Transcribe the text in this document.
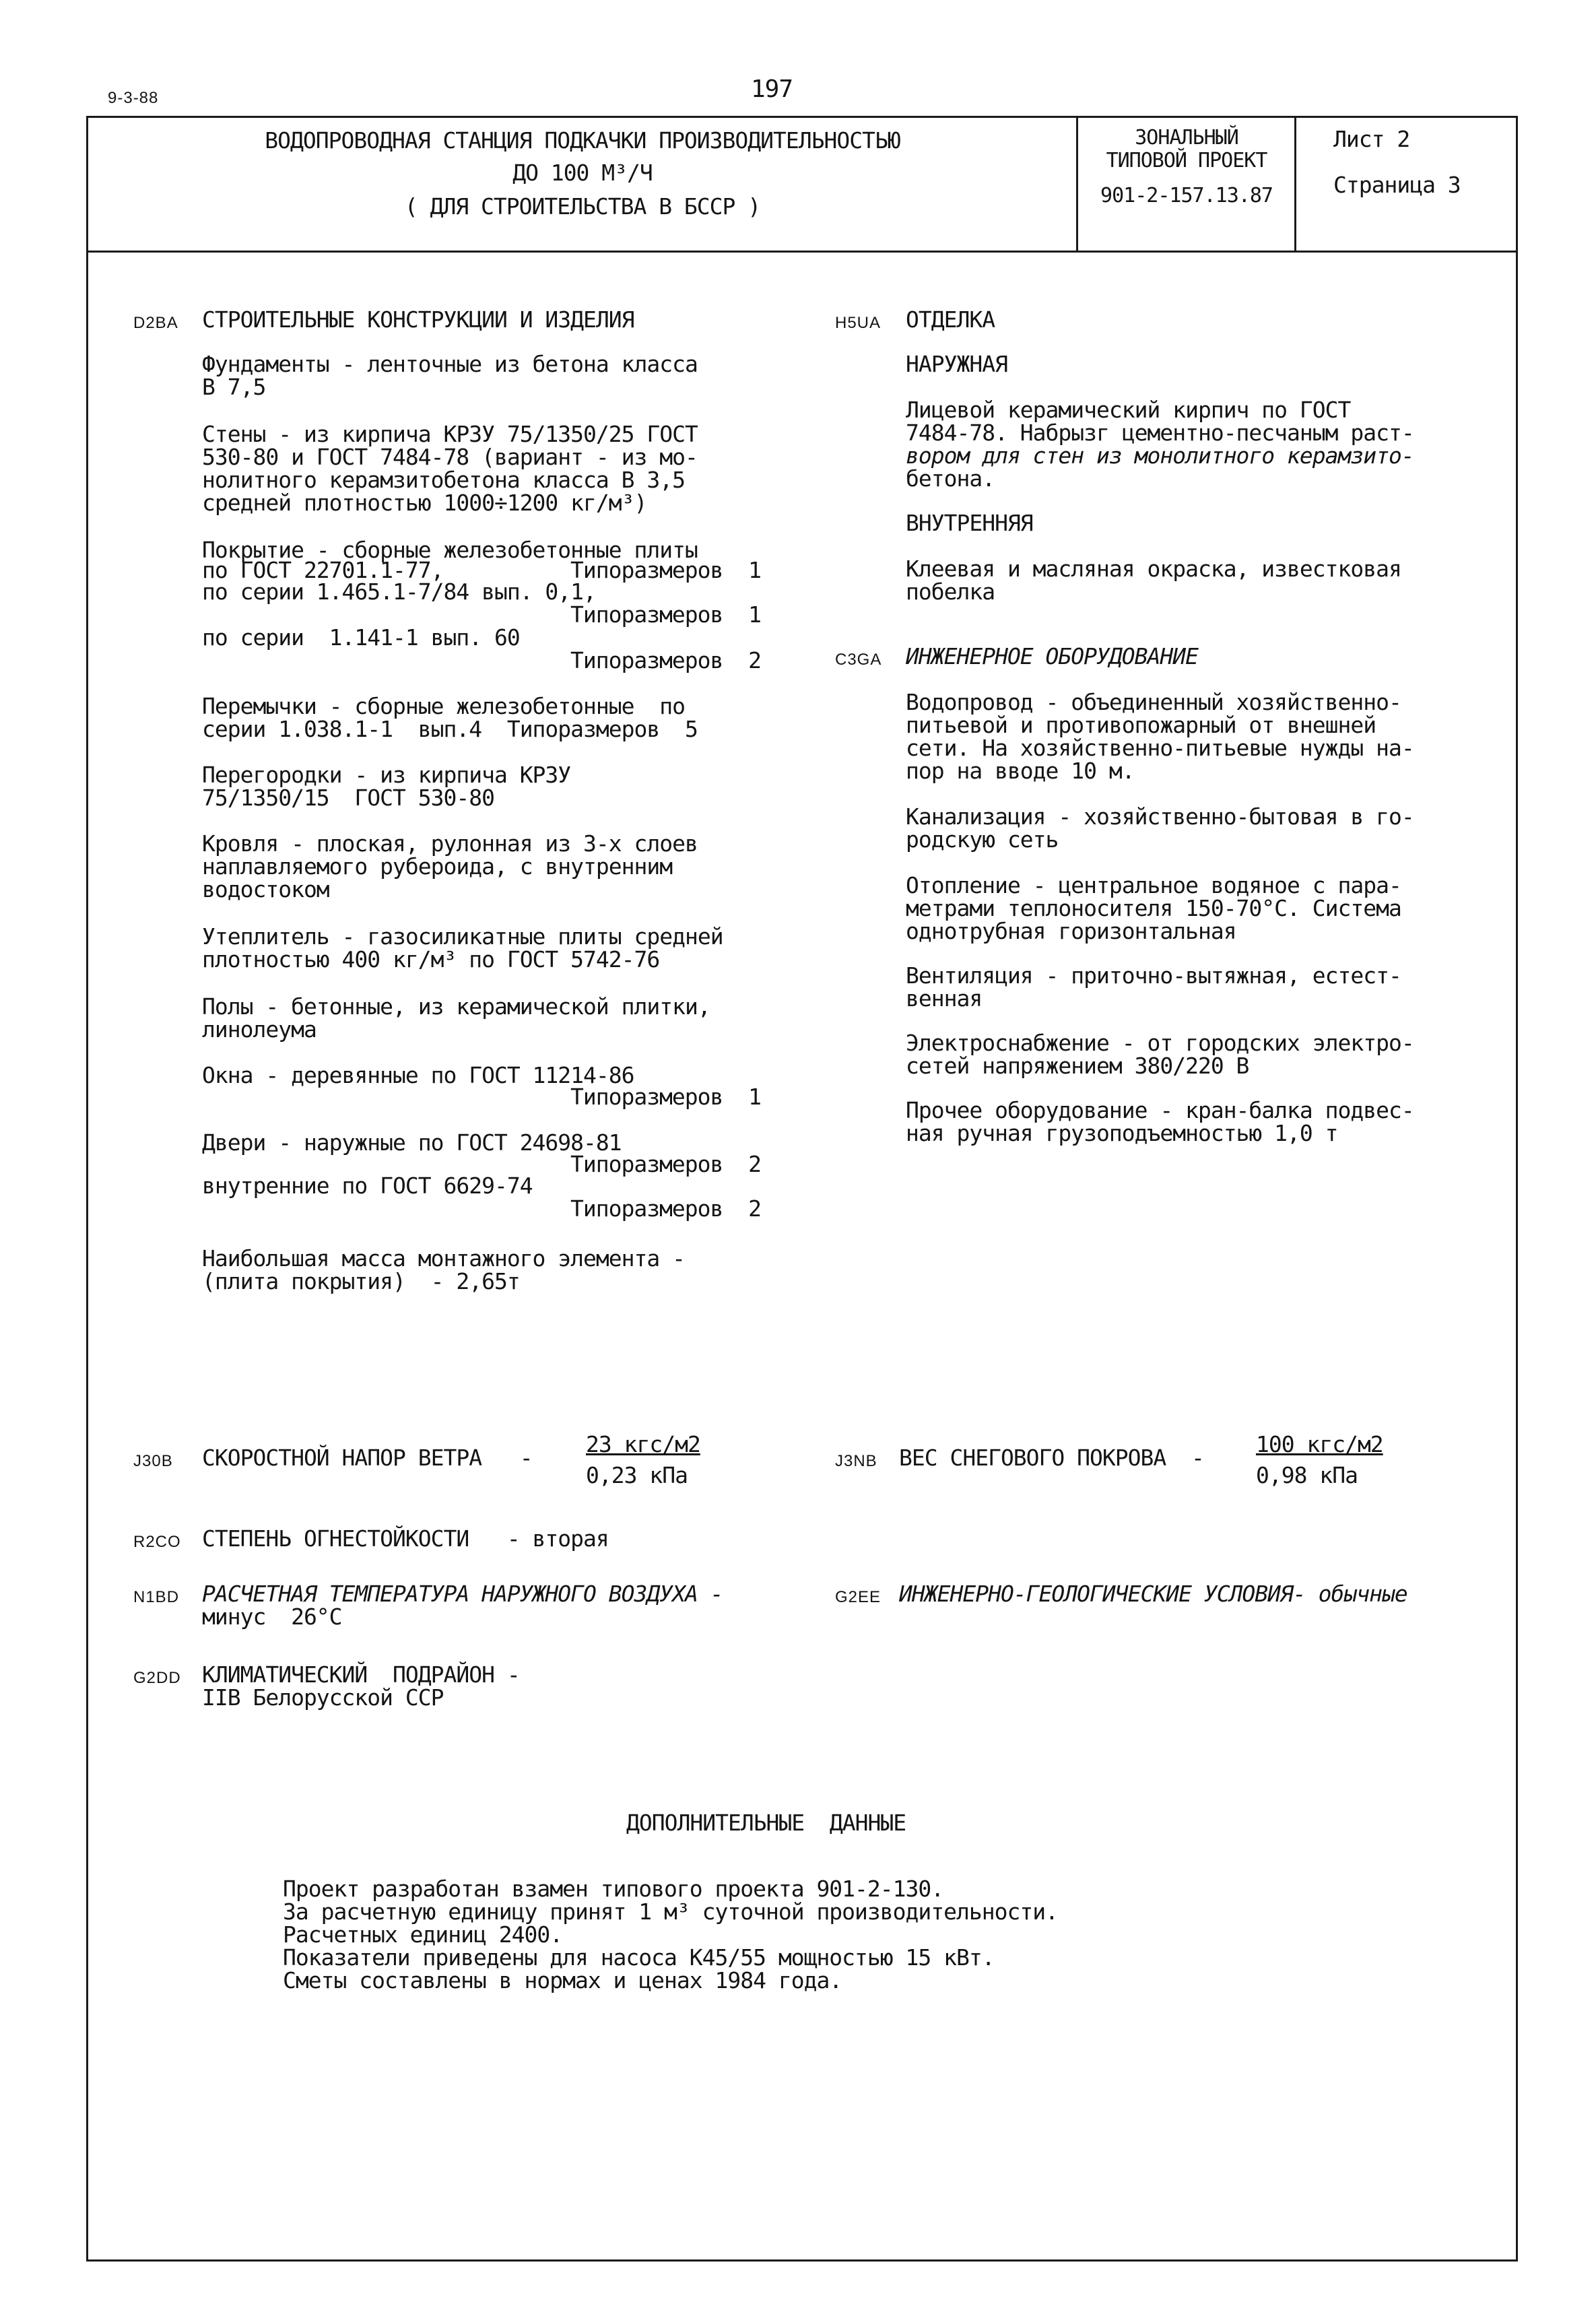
9-3-88	197
ВОДОПРОВОДНАЯ СТАНЦИЯ ПОДКАЧКИ ПРОИЗВОДИТЕЛЬНОСТЬЮ
ДО 100 М³/Ч
( ДЛЯ СТРОИТЕЛЬСТВА В БССР )
ЗОНАЛЬНЫЙ
ТИПОВОЙ ПРОЕКТ
901-2-157.13.87
Лист 2
Страница 3
D2BA СТРОИТЕЛЬНЫЕ КОНСТРУКЦИИ И ИЗДЕЛИЯ
Фундаменты - ленточные из бетона класса
В 7,5
Стены - из кирпича КРЗУ 75/1350/25 ГОСТ
530-80 и ГОСТ 7484-78 (вариант - из мо-
нолитного керамзитобетона класса В 3,5
средней плотностью 1000÷1200 кг/м³)
Покрытие - сборные железобетонные плиты
по ГОСТ 22701.1-77,	Типоразмеров  1
по серии 1.465.1-7/84 вып. 0,1,
Типоразмеров  1
по серии  1.141-1 вып. 60
Типоразмеров  2
Перемычки - сборные железобетонные  по
серии 1.038.1-1  вып.4  Типоразмеров  5
Перегородки - из кирпича КРЗУ
75/1350/15  ГОСТ 530-80
Кровля - плоская, рулонная из 3-х слоев
наплавляемого рубероида, с внутренним
водостоком
Утеплитель - газосиликатные плиты средней
плотностью 400 кг/м³ по ГОСТ 5742-76
Полы - бетонные, из керамической плитки,
линолеума
Окна - деревянные по ГОСТ 11214-86
Типоразмеров  1
Двери - наружные по ГОСТ 24698-81
Типоразмеров  2
внутренние по ГОСТ 6629-74
Типоразмеров  2
Наибольшая масса монтажного элемента -
(плита покрытия)  - 2,65т
H5UA ОТДЕЛКА
НАРУЖНАЯ
Лицевой керамический кирпич по ГОСТ
7484-78. Набрызг цементно-песчаным раст-
вором для стен из монолитного керамзито-
бетона.
ВНУТРЕННЯЯ
Клеевая и масляная окраска, известковая
побелка
C3GA ИНЖЕНЕРНОЕ ОБОРУДОВАНИЕ
Водопровод - объединенный хозяйственно-
питьевой и противопожарный от внешней
сети. На хозяйственно-питьевые нужды на-
пор на вводе 10 м.
Канализация - хозяйственно-бытовая в го-
родскую сеть
Отопление - центральное водяное с пара-
метрами теплоносителя 150-70°С. Система
однотрубная горизонтальная
Вентиляция - приточно-вытяжная, естест-
венная
Электроснабжение - от городских электро-
сетей напряжением 380/220 В
Прочее оборудование - кран-балка подвес-
ная ручная грузоподъемностью 1,0 т
J30B СКОРОСТНОЙ НАПОР ВЕТРА   -
23 кгс/м2
0,23 кПа
J3NB ВЕС СНЕГОВОГО ПОКРОВА  -
100 кгс/м2
0,98 кПа
R2CO СТЕПЕНЬ ОГНЕСТОЙКОСТИ   - вторая
N1BD РАСЧЕТНАЯ ТЕМПЕРАТУРА НАРУЖНОГО ВОЗДУХА -
минус  26°С
G2EE ИНЖЕНЕРНО-ГЕОЛОГИЧЕСКИЕ УСЛОВИЯ- обычные
G2DD КЛИМАТИЧЕСКИЙ  ПОДРАЙОН -
IIВ Белорусской ССР
ДОПОЛНИТЕЛЬНЫЕ  ДАННЫЕ
Проект разработан взамен типового проекта 901-2-130.
За расчетную единицу принят 1 м³ суточной производительности.
Расчетных единиц 2400.
Показатели приведены для насоса К45/55 мощностью 15 кВт.
Сметы составлены в нормах и ценах 1984 года.
